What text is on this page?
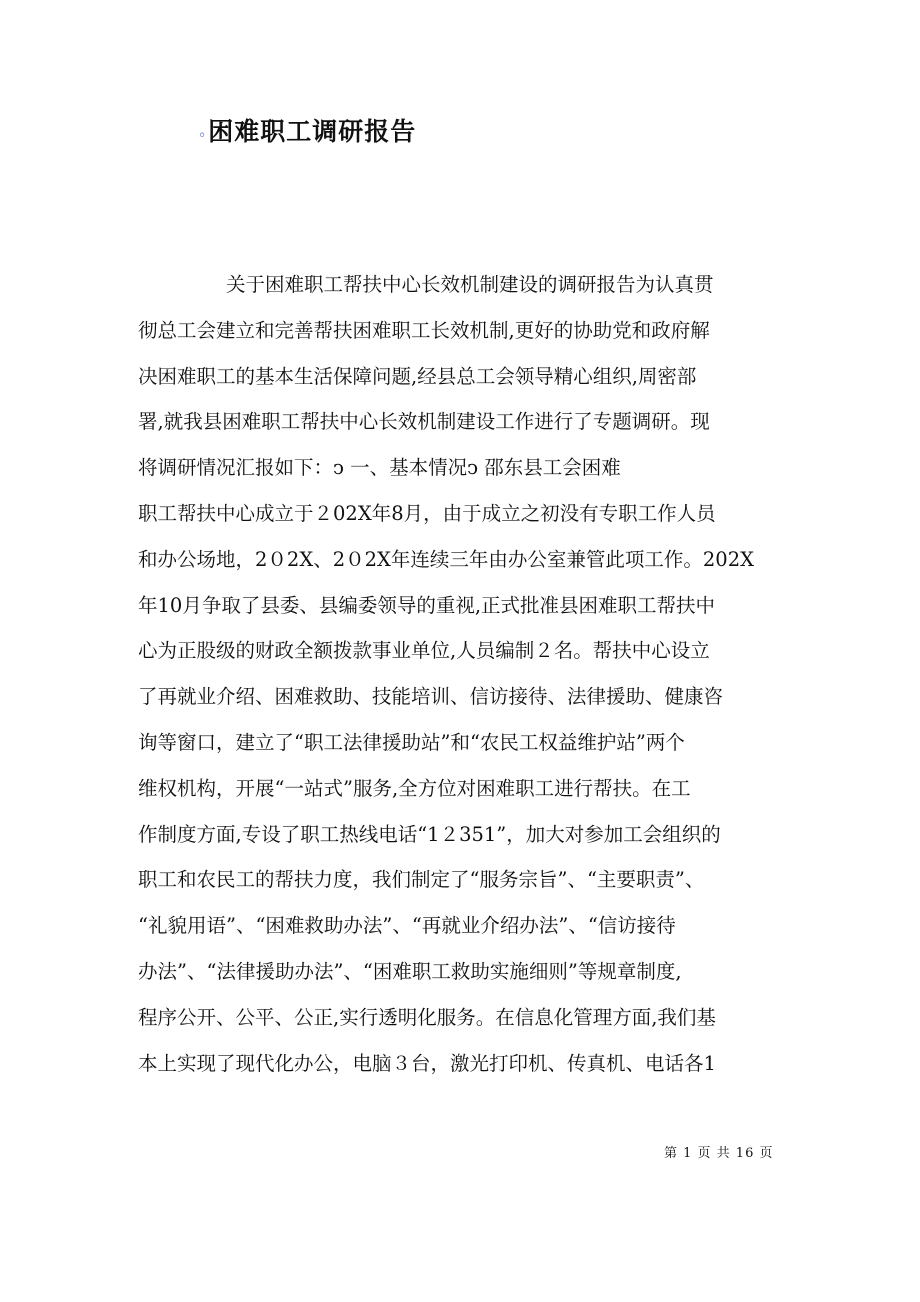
◦ 困难职工调研报告
关于困难职工帮扶中心长效机制建设的调研报告为认真贯
彻总工会建立和完善帮扶困难职工长效机制,更好的协助党和政府解
决困难职工的基本生活保障问题,经县总工会领导精心组织,周密部
署,就我县困难职工帮扶中心长效机制建设工作进行了专题调研。现
将调研情况汇报如下：ↄ 一、基本情况ↄ 邵东县工会困难
职工帮扶中心成立于２02X年8月，由于成立之初没有专职工作人员
和办公场地，2０2X、2０2X年连续三年由办公室兼管此项工作。202X
年10月争取了县委、县编委领导的重视,正式批准县困难职工帮扶中
心为正股级的财政全额拨款事业单位,人员编制２名。帮扶中心设立
了再就业介绍、困难救助、技能培训、信访接待、法律援助、健康咨
询等窗口，建立了“职工法律援助站”和“农民工权益维护站”两个
维权机构，开展“一站式”服务,全方位对困难职工进行帮扶。在工
作制度方面,专设了职工热线电话“1２351”，加大对参加工会组织的
职工和农民工的帮扶力度，我们制定了“服务宗旨”、“主要职责”、
“礼貌用语”、“困难救助办法”、“再就业介绍办法”、“信访接待
办法”、“法律援助办法”、“困难职工救助实施细则”等规章制度,
程序公开、公平、公正,实行透明化服务。在信息化管理方面,我们基
本上实现了现代化办公，电脑３台，激光打印机、传真机、电话各1
第 1 页 共 16 页
